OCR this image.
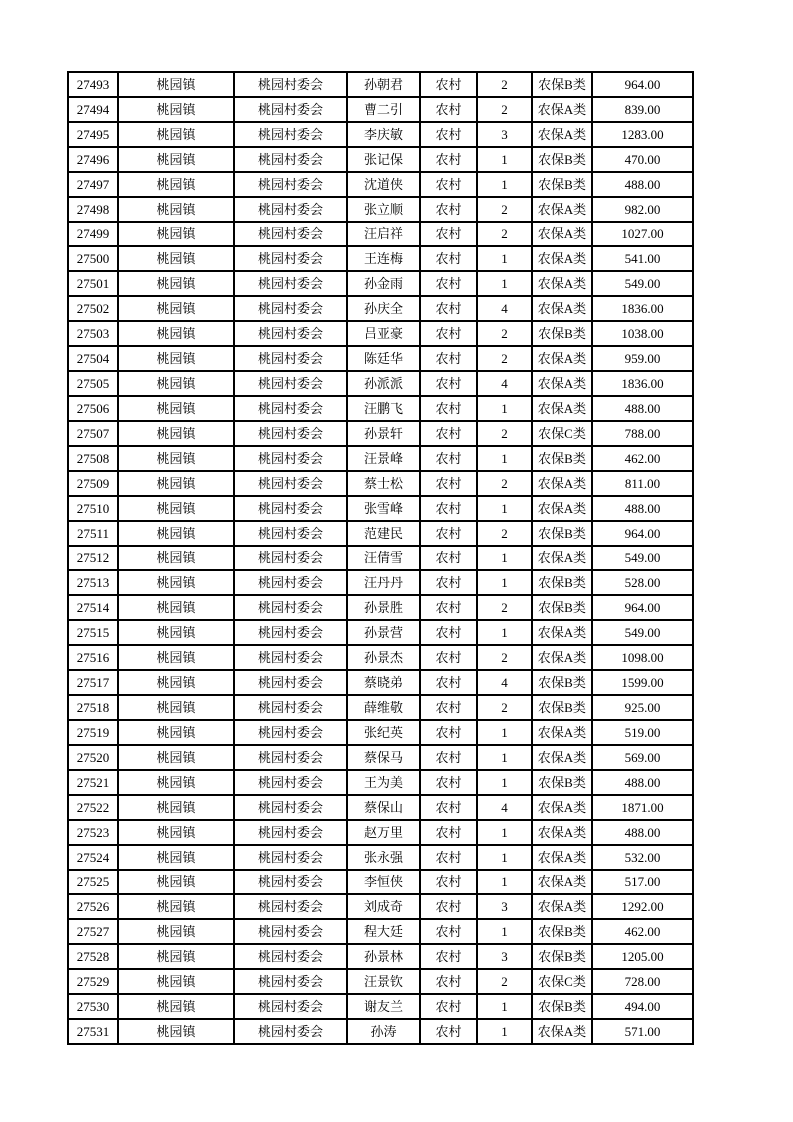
27493	桃园镇	桃园村委会	孙朝君	农村	2	农保B类	964.00
27494	桃园镇	桃园村委会	曹二引	农村	2	农保A类	839.00
27495	桃园镇	桃园村委会	李庆敏	农村	3	农保A类	1283.00
27496	桃园镇	桃园村委会	张记保	农村	1	农保B类	470.00
27497	桃园镇	桃园村委会	沈道侠	农村	1	农保B类	488.00
27498	桃园镇	桃园村委会	张立顺	农村	2	农保A类	982.00
27499	桃园镇	桃园村委会	汪启祥	农村	2	农保A类	1027.00
27500	桃园镇	桃园村委会	王连梅	农村	1	农保A类	541.00
27501	桃园镇	桃园村委会	孙金雨	农村	1	农保A类	549.00
27502	桃园镇	桃园村委会	孙庆全	农村	4	农保A类	1836.00
27503	桃园镇	桃园村委会	吕亚豪	农村	2	农保B类	1038.00
27504	桃园镇	桃园村委会	陈廷华	农村	2	农保A类	959.00
27505	桃园镇	桃园村委会	孙派派	农村	4	农保A类	1836.00
27506	桃园镇	桃园村委会	汪鹏飞	农村	1	农保A类	488.00
27507	桃园镇	桃园村委会	孙景轩	农村	2	农保C类	788.00
27508	桃园镇	桃园村委会	汪景峰	农村	1	农保B类	462.00
27509	桃园镇	桃园村委会	蔡士松	农村	2	农保A类	811.00
27510	桃园镇	桃园村委会	张雪峰	农村	1	农保A类	488.00
27511	桃园镇	桃园村委会	范建民	农村	2	农保B类	964.00
27512	桃园镇	桃园村委会	汪倩雪	农村	1	农保A类	549.00
27513	桃园镇	桃园村委会	汪丹丹	农村	1	农保B类	528.00
27514	桃园镇	桃园村委会	孙景胜	农村	2	农保B类	964.00
27515	桃园镇	桃园村委会	孙景营	农村	1	农保A类	549.00
27516	桃园镇	桃园村委会	孙景杰	农村	2	农保A类	1098.00
27517	桃园镇	桃园村委会	蔡晓弟	农村	4	农保B类	1599.00
27518	桃园镇	桃园村委会	薛维敬	农村	2	农保B类	925.00
27519	桃园镇	桃园村委会	张纪英	农村	1	农保A类	519.00
27520	桃园镇	桃园村委会	蔡保马	农村	1	农保A类	569.00
27521	桃园镇	桃园村委会	王为美	农村	1	农保B类	488.00
27522	桃园镇	桃园村委会	蔡保山	农村	4	农保A类	1871.00
27523	桃园镇	桃园村委会	赵万里	农村	1	农保A类	488.00
27524	桃园镇	桃园村委会	张永强	农村	1	农保A类	532.00
27525	桃园镇	桃园村委会	李恒侠	农村	1	农保A类	517.00
27526	桃园镇	桃园村委会	刘成奇	农村	3	农保A类	1292.00
27527	桃园镇	桃园村委会	程大廷	农村	1	农保B类	462.00
27528	桃园镇	桃园村委会	孙景林	农村	3	农保B类	1205.00
27529	桃园镇	桃园村委会	汪景钦	农村	2	农保C类	728.00
27530	桃园镇	桃园村委会	谢友兰	农村	1	农保B类	494.00
27531	桃园镇	桃园村委会	孙涛	农村	1	农保A类	571.00
